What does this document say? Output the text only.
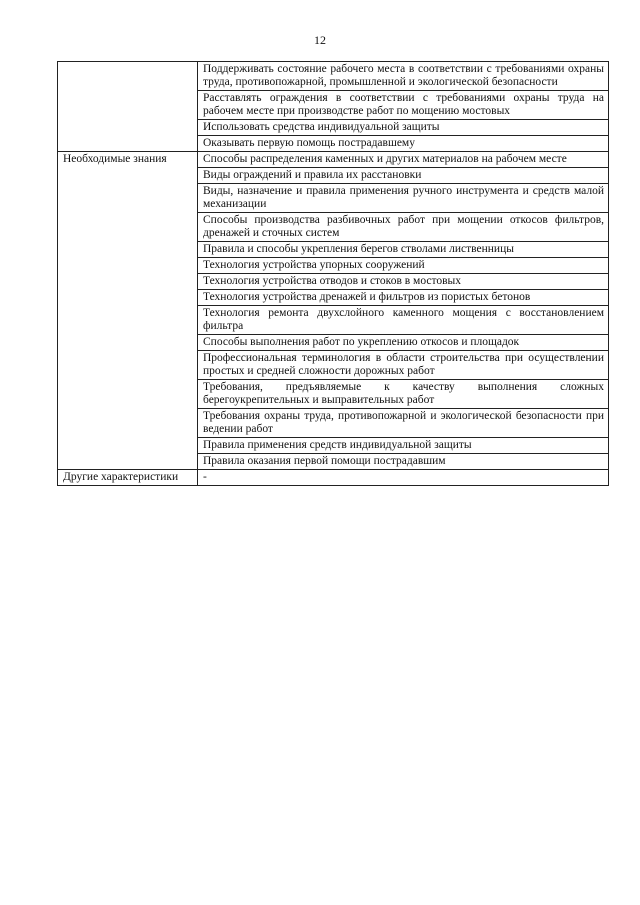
12
	Поддерживать состояние рабочего места в соответствии с требованиями охраны труда, противопожарной, промышленной и экологической безопасности
	Расставлять ограждения в соответствии с требованиями охраны труда на рабочем месте при производстве работ по мощению мостовых
	Использовать средства индивидуальной защиты
	Оказывать первую помощь пострадавшему
Необходимые знания	Способы распределения каменных и других материалов на рабочем месте
	Виды ограждений и правила их расстановки
	Виды, назначение и правила применения ручного инструмента и средств малой механизации
	Способы производства разбивочных работ при мощении откосов фильтров, дренажей и сточных систем
	Правила и способы укрепления берегов стволами лиственницы
	Технология устройства упорных сооружений
	Технология устройства отводов и стоков в мостовых
	Технология устройства дренажей и фильтров из пористых бетонов
	Технология ремонта двухслойного каменного мощения с восстановлением фильтра
	Способы выполнения работ по укреплению откосов и площадок
	Профессиональная терминология в области строительства при осуществлении простых и средней сложности дорожных работ
	Требования, предъявляемые к качеству выполнения сложных берегоукрепительных и выправительных работ
	Требования охраны труда, противопожарной и экологической безопасности при ведении работ
	Правила применения средств индивидуальной защиты
	Правила оказания первой помощи пострадавшим
Другие характеристики	-
